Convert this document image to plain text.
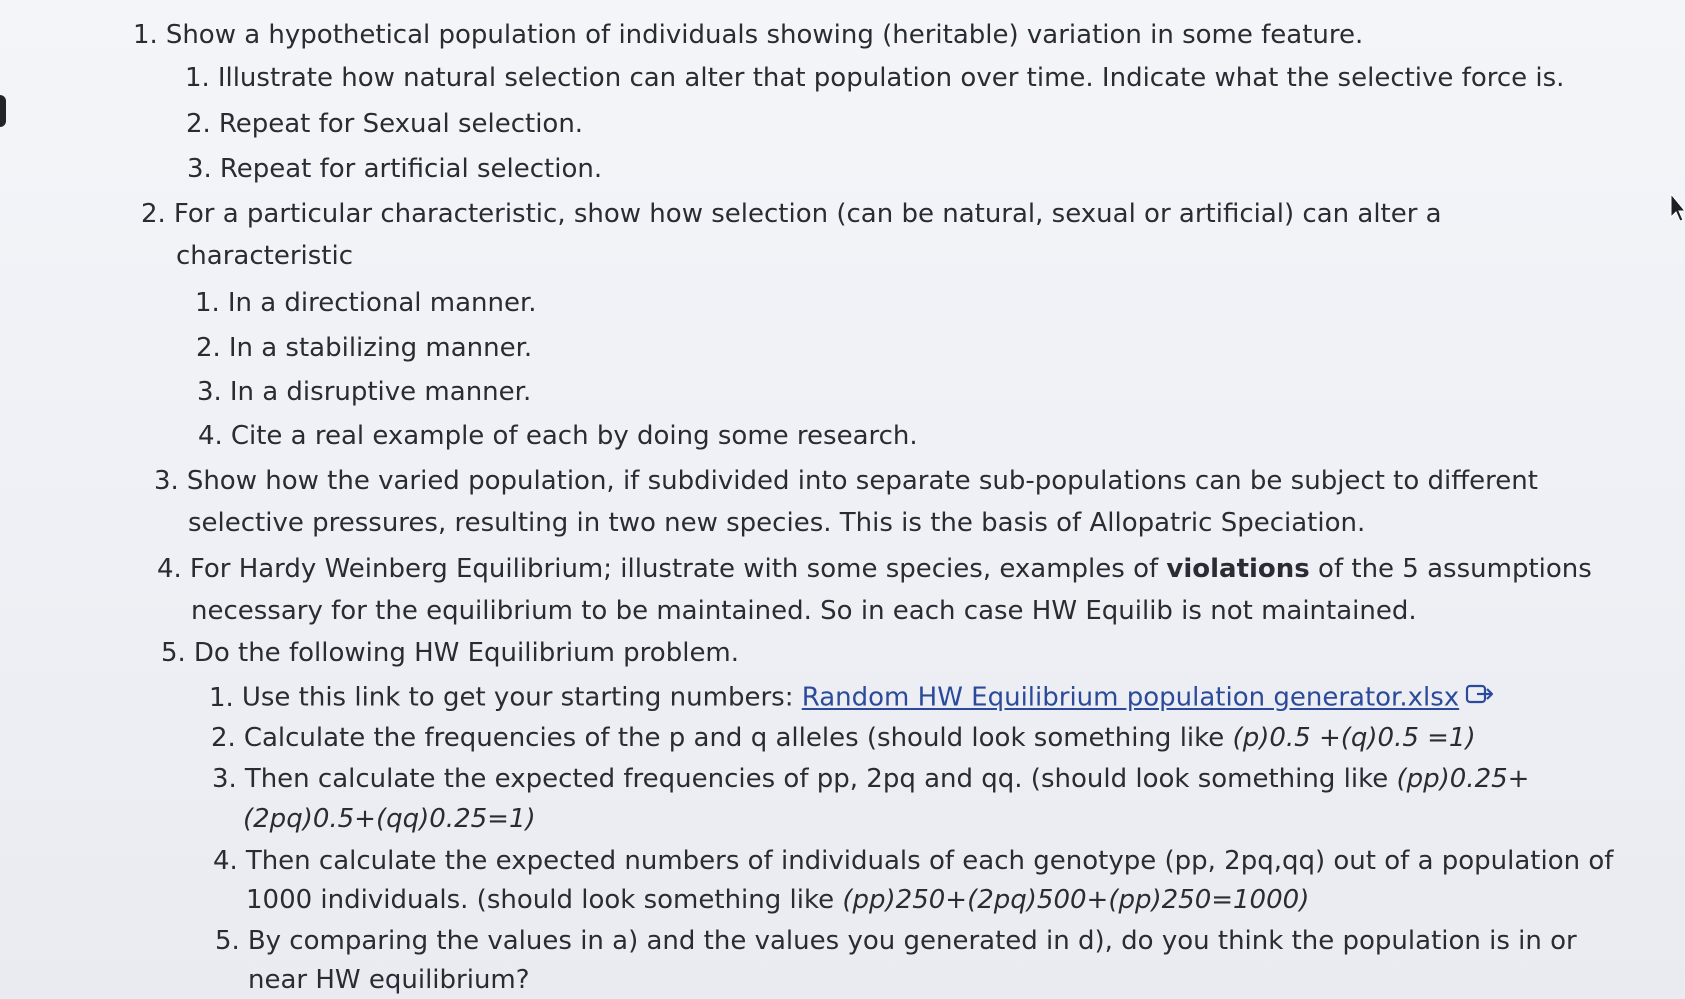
1. Show a hypothetical population of individuals showing (heritable) variation in some feature.
1. Illustrate how natural selection can alter that population over time. Indicate what the selective force is.
2. Repeat for Sexual selection.
3. Repeat for artificial selection.
2. For a particular characteristic, show how selection (can be natural, sexual or artificial) can alter a
characteristic
1. In a directional manner.
2. In a stabilizing manner.
3. In a disruptive manner.
4. Cite a real example of each by doing some research.
3. Show how the varied population, if subdivided into separate sub-populations can be subject to different
selective pressures, resulting in two new species. This is the basis of Allopatric Speciation.
4. For Hardy Weinberg Equilibrium; illustrate with some species, examples of violations of the 5 assumptions
necessary for the equilibrium to be maintained. So in each case HW Equilib is not maintained.
5. Do the following HW Equilibrium problem.
1. Use this link to get your starting numbers: Random HW Equilibrium population generator.xlsx
2. Calculate the frequencies of the p and q alleles (should look something like (p)0.5 +(q)0.5 =1)
3. Then calculate the expected frequencies of pp, 2pq and qq. (should look something like (pp)0.25+
(2pq)0.5+(qq)0.25=1)
4. Then calculate the expected numbers of individuals of each genotype (pp, 2pq,qq) out of a population of
1000 individuals. (should look something like (pp)250+(2pq)500+(pp)250=1000)
5. By comparing the values in a) and the values you generated in d), do you think the population is in or
near HW equilibrium?
